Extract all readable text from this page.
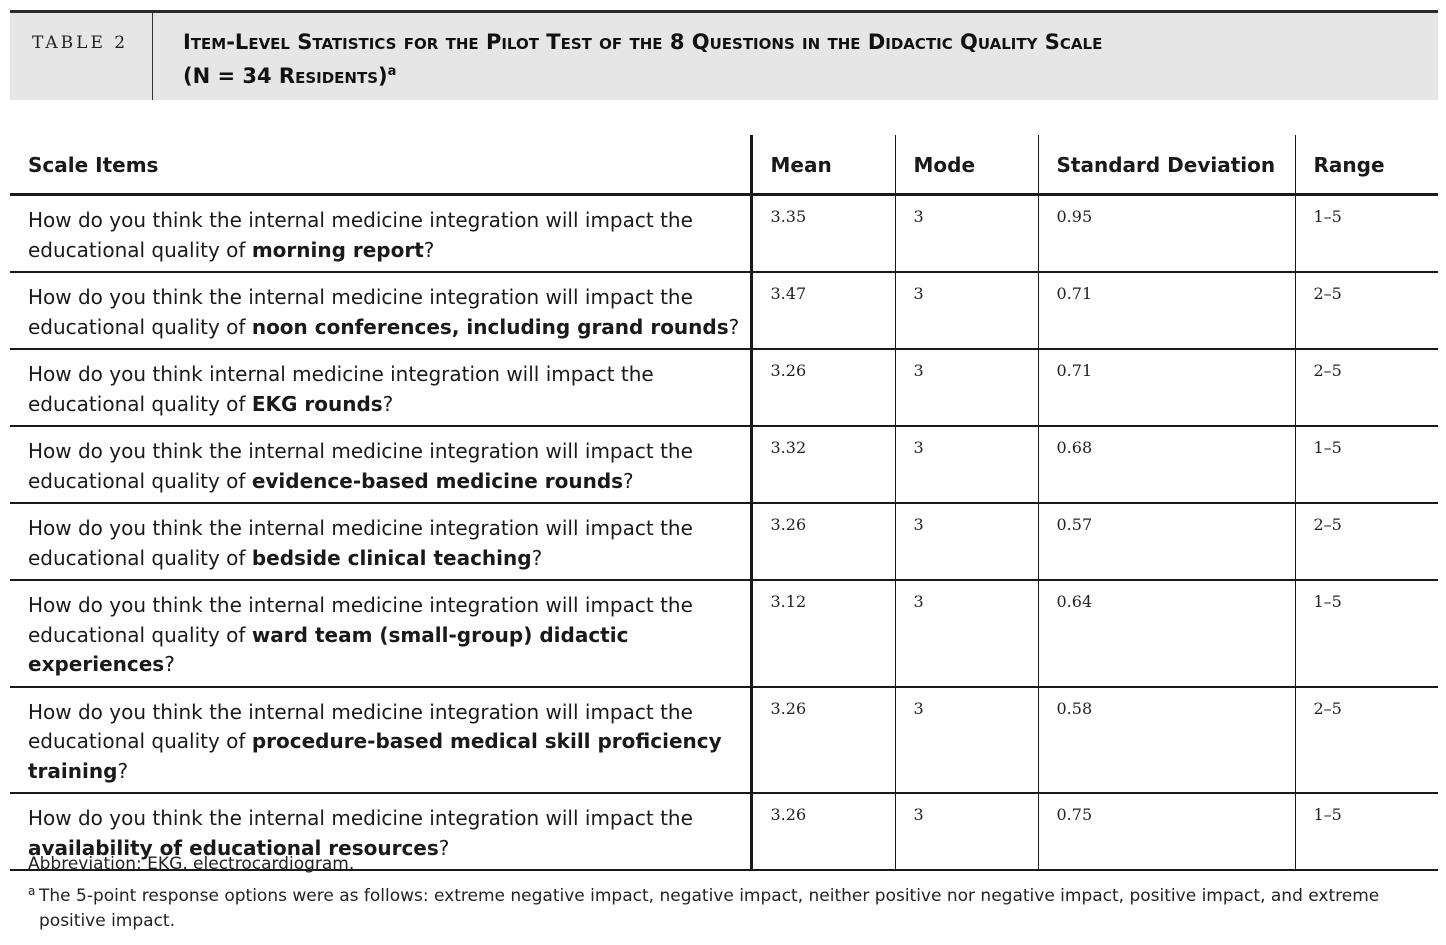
TABLE 2	Item-Level Statistics for the Pilot Test of the 8 Questions in the Didactic Quality Scale
(N = 34 Residents)$^a$
Scale Items	Mean	Mode	Standard Deviation	Range
How do you think the internal medicine integration will impact the educational quality of morning report?	3.35	3	0.95	1–5
How do you think the internal medicine integration will impact the educational quality of noon conferences, including grand rounds?	3.47	3	0.71	2–5
How do you think internal medicine integration will impact the educational quality of EKG rounds?	3.26	3	0.71	2–5
How do you think the internal medicine integration will impact the educational quality of evidence-based medicine rounds?	3.32	3	0.68	1–5
How do you think the internal medicine integration will impact the educational quality of bedside clinical teaching?	3.26	3	0.57	2–5
How do you think the internal medicine integration will impact the educational quality of ward team (small-group) didactic experiences?	3.12	3	0.64	1–5
How do you think the internal medicine integration will impact the educational quality of procedure-based medical skill proficiency training?	3.26	3	0.58	2–5
How do you think the internal medicine integration will impact the availability of educational resources?	3.26	3	0.75	1–5
Abbreviation: EKG, electrocardiogram.
a The 5-point response options were as follows: extreme negative impact, negative impact, neither positive nor negative impact, positive impact, and extreme positive impact.
